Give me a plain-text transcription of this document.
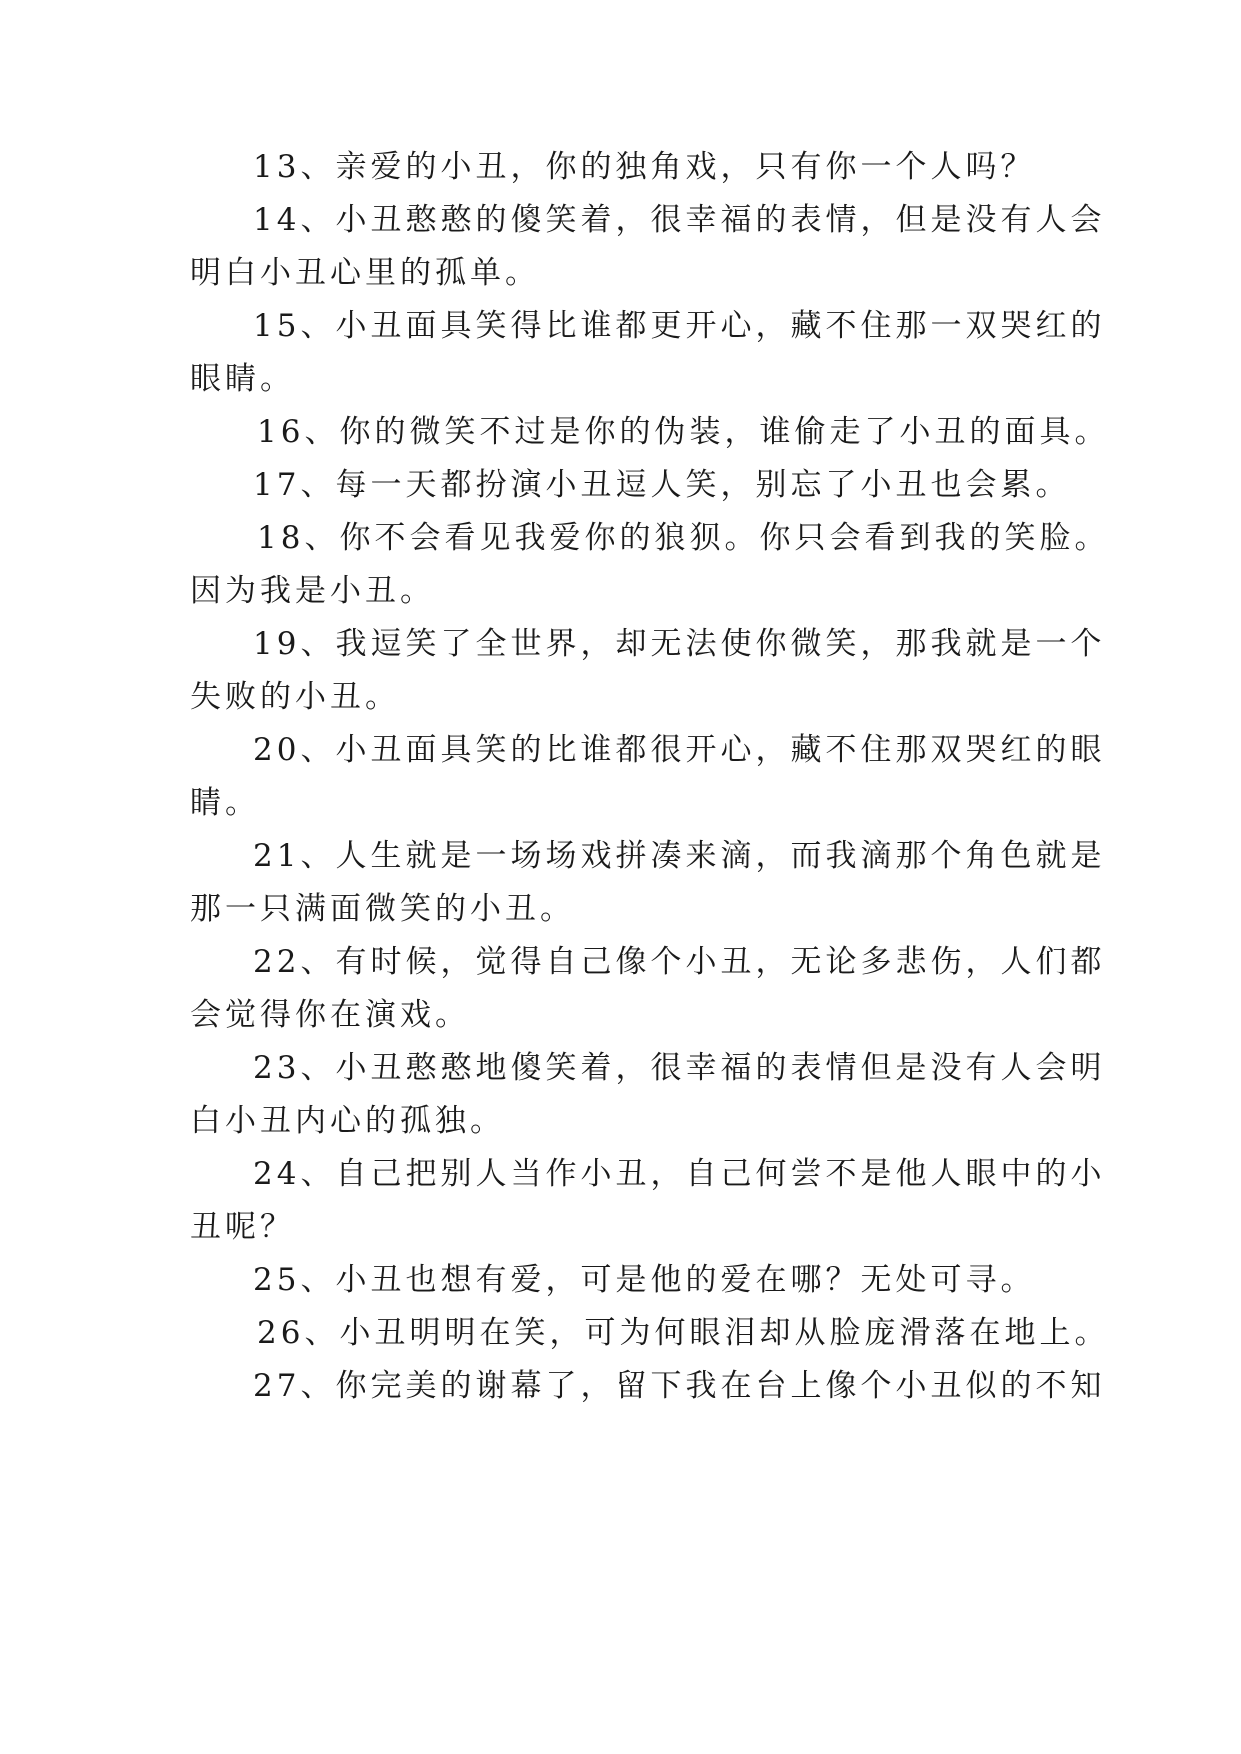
13、亲爱的小丑，你的独角戏，只有你一个人吗？

14、小丑憨憨的傻笑着，很幸福的表情，但是没有人会

明白小丑心里的孤单。

15、小丑面具笑得比谁都更开心，藏不住那一双哭红的

眼睛。

16、你的微笑不过是你的伪装，谁偷走了小丑的面具。

17、每一天都扮演小丑逗人笑，别忘了小丑也会累。

18、你不会看见我爱你的狼狈。你只会看到我的笑脸。

因为我是小丑。

19、我逗笑了全世界，却无法使你微笑，那我就是一个

失败的小丑。

20、小丑面具笑的比谁都很开心，藏不住那双哭红的眼

睛。

21、人生就是一场场戏拼凑来滴，而我滴那个角色就是

那一只满面微笑的小丑。

22、有时候，觉得自己像个小丑，无论多悲伤，人们都

会觉得你在演戏。

23、小丑憨憨地傻笑着，很幸福的表情但是没有人会明

白小丑内心的孤独。

24、自己把别人当作小丑，自己何尝不是他人眼中的小

丑呢？

25、小丑也想有爱，可是他的爱在哪？无处可寻。

26、小丑明明在笑，可为何眼泪却从脸庞滑落在地上。

27、你完美的谢幕了，留下我在台上像个小丑似的不知
